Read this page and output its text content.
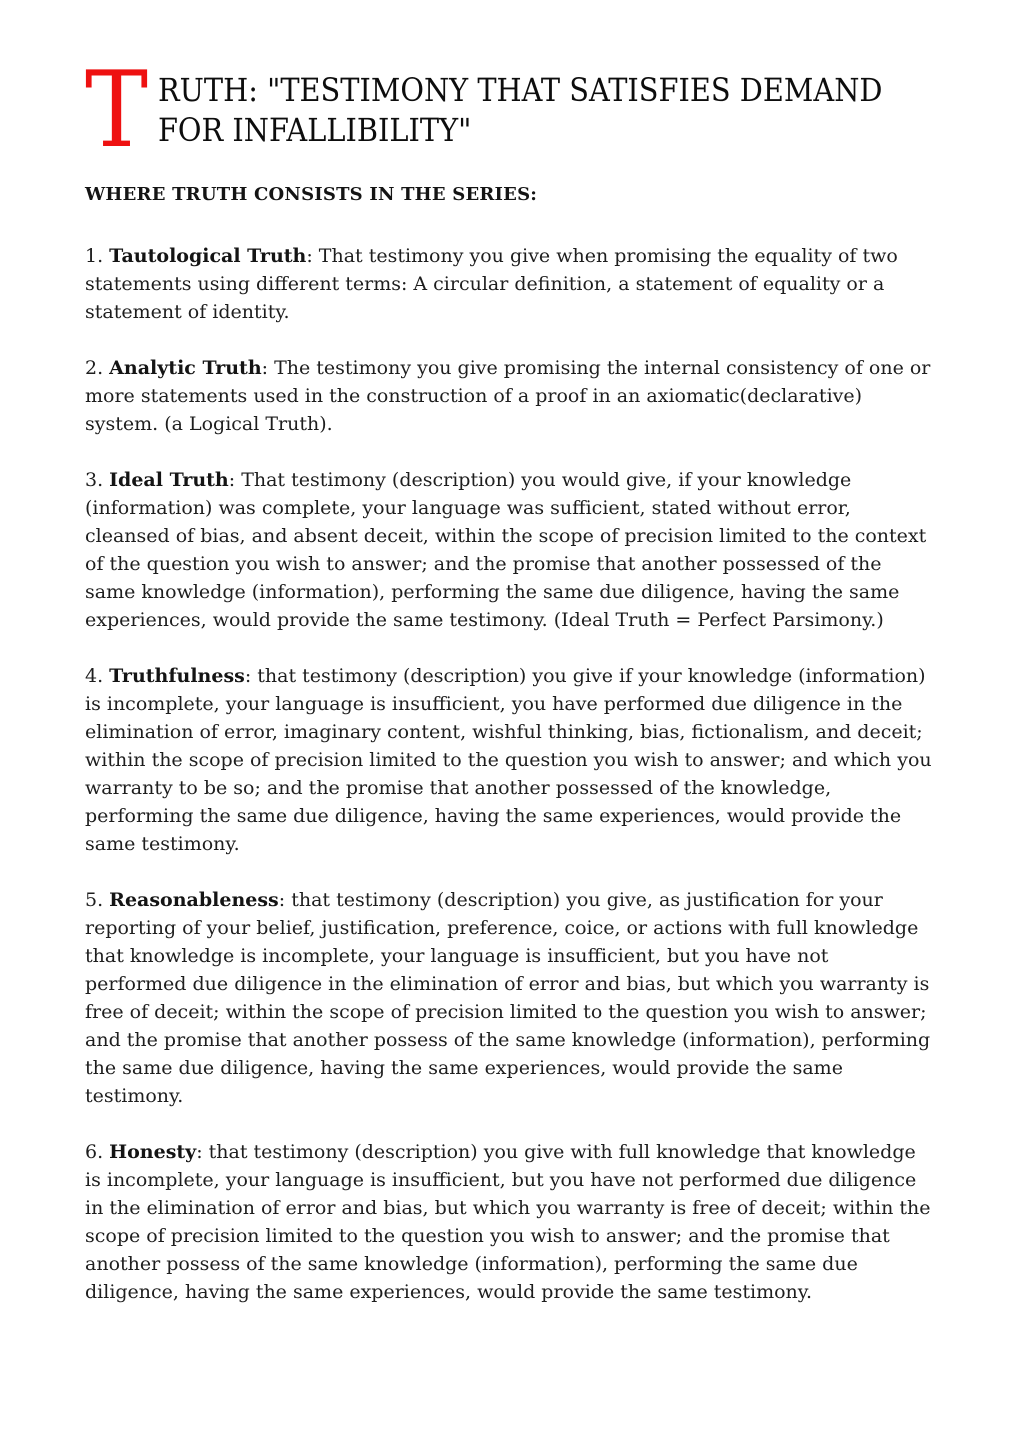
T RUTH: "TESTIMONY THAT SATISFIES DEMAND
FOR INFALLIBILITY"

WHERE TRUTH CONSISTS IN THE SERIES:

1. Tautological Truth: That testimony you give when promising the equality of two statements using different terms: A circular definition, a statement of equality or a statement of identity.

2. Analytic Truth: The testimony you give promising the internal consistency of one or more statements used in the construction of a proof in an axiomatic(declarative) system. (a Logical Truth).

3. Ideal Truth: That testimony (description) you would give, if your knowledge (information) was complete, your language was sufficient, stated without error, cleansed of bias, and absent deceit, within the scope of precision limited to the context of the question you wish to answer; and the promise that another possessed of the same knowledge (information), performing the same due diligence, having the same experiences, would provide the same testimony. (Ideal Truth = Perfect Parsimony.)

4. Truthfulness: that testimony (description) you give if your knowledge (information) is incomplete, your language is insufficient, you have performed due diligence in the elimination of error, imaginary content, wishful thinking, bias, fictionalism, and deceit; within the scope of precision limited to the question you wish to answer; and which you warranty to be so; and the promise that another possessed of the knowledge, performing the same due diligence, having the same experiences, would provide the same testimony.

5. Reasonableness: that testimony (description) you give, as justification for your reporting of your belief, justification, preference, coice, or actions with full knowledge that knowledge is incomplete, your language is insufficient, but you have not performed due diligence in the elimination of error and bias, but which you warranty is free of deceit; within the scope of precision limited to the question you wish to answer; and the promise that another possess of the same knowledge (information), performing the same due diligence, having the same experiences, would provide the same testimony.

6. Honesty: that testimony (description) you give with full knowledge that knowledge is incomplete, your language is insufficient, but you have not performed due diligence in the elimination of error and bias, but which you warranty is free of deceit; within the scope of precision limited to the question you wish to answer; and the promise that another possess of the same knowledge (information), performing the same due diligence, having the same experiences, would provide the same testimony.
